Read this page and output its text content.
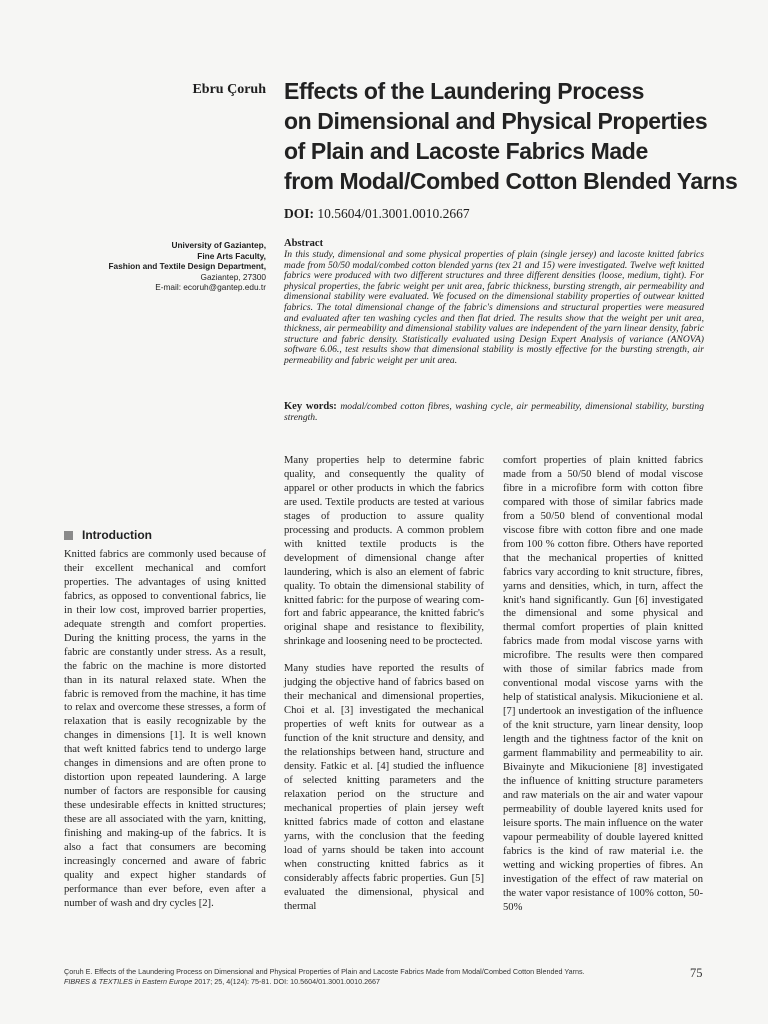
Ebru Çoruh Effects of the Laundering Process
on Dimensional and Physical Properties
of Plain and Lacoste Fabrics Made
from Modal/Combed Cotton Blended Yarns
DOI: 10.5604/01.3001.0010.2667
University of Gaziantep,
Fine Arts Faculty,
Fashion and Textile Design Department,
Gaziantep, 27300
E-mail: ecoruh@gantep.edu.tr
Abstract
In this study, dimensional and some physical properties of plain (single jersey) and lacoste knitted fabrics made from 50/50 modal/combed cotton blended yarns (tex 21 and 15) were investigated. Twelve weft knitted fabrics were produced with two different structures and three different densities (loose, medium, tight). For physical properties, the fabric weight per unit area, fabric thickness, bursting strength, air permeability and dimensional stability were evaluated. We focused on the dimensional stability properties of outwear knitted fabrics. The total dimensional change of the fabric's dimensions and structural properties were measured and evaluated after ten washing cycles and then flat dried. The results show that the weight per unit area, thickness, air permeability and dimensional stability values are independent of the yarn linear density, fabric structure and fabric density. Statistically evaluated using Design Expert Analysis of variance (ANOVA) software 6.06., test results show that dimensional stability is mostly effective for the bursting strength, air permeability and fabric weight per unit area.
Key words: modal/combed cotton fibres, washing cycle, air permeability, dimensional stability, bursting strength.
Introduction

Knitted fabrics are commonly used because of their excellent mechanical and comfort properties. The advantages of using knitted fabrics, as opposed to conventional fabrics, lie in their low cost, improved barrier properties, adequate strength and comfort properties. During the knitting process, the yarns in the fabric are constantly under stress. As a result, the fabric on the machine is more distorted than in its natural relaxed state. When the fabric is removed from the machine, it has time to relax and overcome these stresses, a form of relaxation that is easily recognizable by the changes in dimensions [1]. It is well known that weft knitted fabrics tend to undergo large changes in dimensions and are often prone to distortion upon repeated laundering. A large number of factors are responsible for causing these undesirable effects in knitted structures; these are all associated with the yarn, knitting, finishing and making-up of the fabrics. It is also a fact that consumers are becoming increasingly concerned and aware of fabric quality and expect higher standards of performance than ever before, even after a number of wash and dry cycles [2].

Many properties help to determine fabric quality, and consequently the quality of apparel or other products in which the fabrics are used. Textile products are tested at various stages of production to assure quality processing and products. A common problem with knitted textile products is the development of dimensional change after laundering, which is also an element of fabric quality. To obtain the dimensional stability of knitted fabric: for the purpose of wearing comfort and fabric appearance, the knitted fabric's original shape and resistance to flexibility, shrinkage and loosening need to be proctected.

Many studies have reported the results of judging the objective hand of fabrics based on their mechanical and dimensional properties, Choi et al. [3] investigated the mechanical properties of weft knits for outwear as a function of the knit structure and density, and the relationships between hand, structure and density. Fatkic et al. [4] studied the influence of selected knitting parameters and the relaxation period on the structure and mechanical properties of plain jersey weft knitted fabrics made of cotton and elastane yarns, with the conclusion that the feeding load of yarns should be taken into account when constructing knitted fabrics as it considerably affects fabric properties. Gun [5] evaluated the dimensional, physical and thermal

comfort properties of plain knitted fabrics made from a 50/50 blend of modal viscose fibre in a microfibre form with cotton fibre compared with those of similar fabrics made from a 50/50 blend of conventional modal viscose fibre with cotton fibre and one made from 100 % cotton fibre. Others have reported that the mechanical properties of knitted fabrics vary according to knit structure, fibres, yarns and densities, which, in turn, affect the knit's hand significantly. Gun [6] investigated the dimensional and some physical and thermal comfort properties of plain knitted fabrics made from modal viscose yarns with microfibre. The results were then compared with those of similar fabrics made from conventional modal viscose yarns with the help of statistical analysis. Mikucioniene et al. [7] undertook an investigation of the influence of the knit structure, yarn linear density, loop length and the tightness factor of the knit on garment flammability and permeability to air. Bivainyte and Mikucioniene [8] investigated the influence of knitting structure parameters and raw materials on the air and water vapour permeability of double layered knits used for leisure sports. The main influence on the water vapour permeability of double layered knitted fabrics is the kind of raw material i.e. the wetting and wicking properties of fibres. An investigation of the effect of raw material on the water vapor resistance of 100% cotton, 50-50%

Çoruh E. Effects of the Laundering Process on Dimensional and Physical Properties of Plain and Lacoste Fabrics Made from Modal/Combed Cotton Blended Yarns.
FIBRES & TEXTILES in Eastern Europe 2017; 25, 4(124): 75-81. DOI: 10.5604/01.3001.0010.2667
75
